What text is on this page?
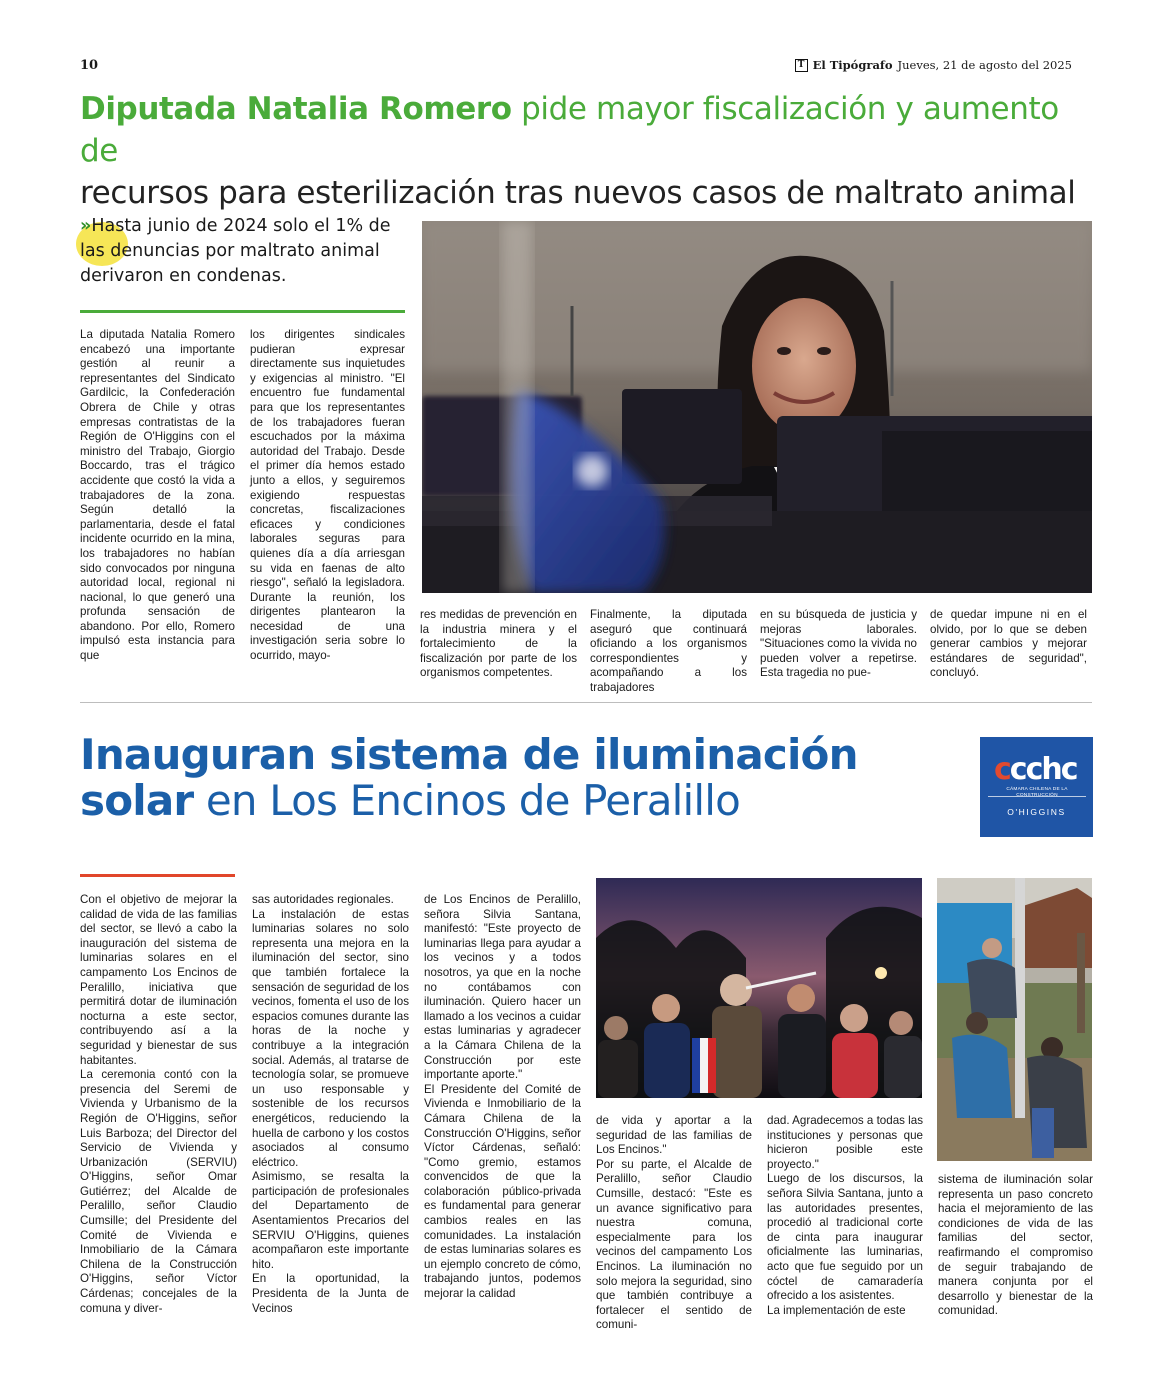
10	T El Tipógrafo Jueves, 21 de agosto del 2025
Diputada Natalia Romero pide mayor fiscalización y aumento de
recursos para esterilización tras nuevos casos de maltrato animal
»Hasta junio de 2024 solo el 1% de las denuncias por maltrato animal derivaron en condenas.
La diputada Natalia Romero encabezó una importante gestión al reunir a representantes del Sindicato Gardilcic, la Confederación Obrera de Chile y otras empresas contratistas de la Región de O'Higgins con el ministro del Trabajo, Giorgio Boccardo, tras el trágico accidente que costó la vida a trabajadores de la zona. Según detalló la parlamentaria, desde el fatal incidente ocurrido en la mina, los trabajadores no habían sido convocados por ninguna autoridad local, regional ni nacional, lo que generó una profunda sensación de abandono. Por ello, Romero impulsó esta instancia para que
los dirigentes sindicales pudieran expresar directamente sus inquietudes y exigencias al ministro. "El encuentro fue fundamental para que los representantes de los trabajadores fueran escuchados por la máxima autoridad del Trabajo. Desde el primer día hemos estado junto a ellos, y seguiremos exigiendo respuestas concretas, fiscalizaciones eficaces y condiciones laborales seguras para quienes día a día arriesgan su vida en faenas de alto riesgo", señaló la legisladora. Durante la reunión, los dirigentes plantearon la necesidad de una investigación seria sobre lo ocurrido, mayo-
res medidas de prevención en la industria minera y el fortalecimiento de la fiscalización por parte de los organismos competentes.
Finalmente, la diputada aseguró que continuará oficiando a los organismos correspondientes y acompañando a los trabajadores
en su búsqueda de justicia y mejoras laborales. "Situaciones como la vivida no pueden volver a repetirse. Esta tragedia no pue-
de quedar impune ni en el olvido, por lo que se deben generar cambios y mejorar estándares de seguridad", concluyó.
Inauguran sistema de iluminación
solar en Los Encinos de Peralillo
ccchc
CÁMARA CHILENA DE LA
O'HIGGINS

Con el objetivo de mejorar la calidad de vida de las familias del sector, se llevó a cabo la inauguración del sistema de luminarias solares en el campamento Los Encinos de Peralillo, iniciativa que permitirá dotar de iluminación nocturna a este sector, contribuyendo así a la seguridad y bienestar de sus habitantes.

La ceremonia contó con la presencia del Seremi de Vivienda y Urbanismo de la Región de O'Higgins, señor Luis Barboza; del Director del Servicio de Vivienda y Urbanización (SERVIU) O'Higgins, señor Omar Gutiérrez; del Alcalde de Peralillo, señor Claudio Cumsille; del Presidente del Comité de Vivienda e Inmobiliario de la Cámara Chilena de la Construcción O'Higgins, señor Víctor Cárdenas; concejales de la comuna y diver-

sas autoridades regionales.

La instalación de estas luminarias solares no solo representa una mejora en la iluminación del sector, sino que también fortalece la sensación de seguridad de los vecinos, fomenta el uso de los espacios comunes durante las horas de la noche y contribuye a la integración social. Además, al tratarse de tecnología solar, se promueve un uso responsable y sostenible de los recursos energéticos, reduciendo la huella de carbono y los costos asociados al consumo eléctrico.

Asimismo, se resalta la participación de profesionales del Departamento de Asentamientos Precarios del SERVIU O'Higgins, quienes acompañaron este importante hito.

En la oportunidad, la Presidenta de la Junta de Vecinos

de Los Encinos de Peralillo, señora Silvia Santana, manifestó: "Este proyecto de luminarias llega para ayudar a los vecinos y a todos nosotros, ya que en la noche no contábamos con iluminación. Quiero hacer un llamado a los vecinos a cuidar estas luminarias y agradecer a la Cámara Chilena de la Construcción por este importante aporte."

El Presidente del Comité de Vivienda e Inmobiliario de la Cámara Chilena de la Construcción O'Higgins, señor Víctor Cárdenas, señaló: "Como gremio, estamos convencidos de que la colaboración público-privada es fundamental para generar cambios reales en las comunidades. La instalación de estas luminarias solares es un ejemplo concreto de cómo, trabajando juntos, podemos mejorar la calidad

de vida y aportar a la seguridad de las familias de Los Encinos."

Por su parte, el Alcalde de Peralillo, señor Claudio Cumsille, destacó: "Este es un avance significativo para nuestra comuna, especialmente para los vecinos del campamento Los Encinos. La iluminación no solo mejora la seguridad, sino que también contribuye a fortalecer el sentido de comuni-

dad. Agradecemos a todas las instituciones y personas que hicieron posible este proyecto."

Luego de los discursos, la señora Silvia Santana, junto a las autoridades presentes, procedió al tradicional corte de cinta para inaugurar oficialmente las luminarias, acto que fue seguido por un cóctel de camaradería ofrecido a los asistentes.

La implementación de este

sistema de iluminación solar representa un paso concreto hacia el mejoramiento de las condiciones de vida de las familias del sector, reafirmando el compromiso de seguir trabajando de manera conjunta por el desarrollo y bienestar de la comunidad.
